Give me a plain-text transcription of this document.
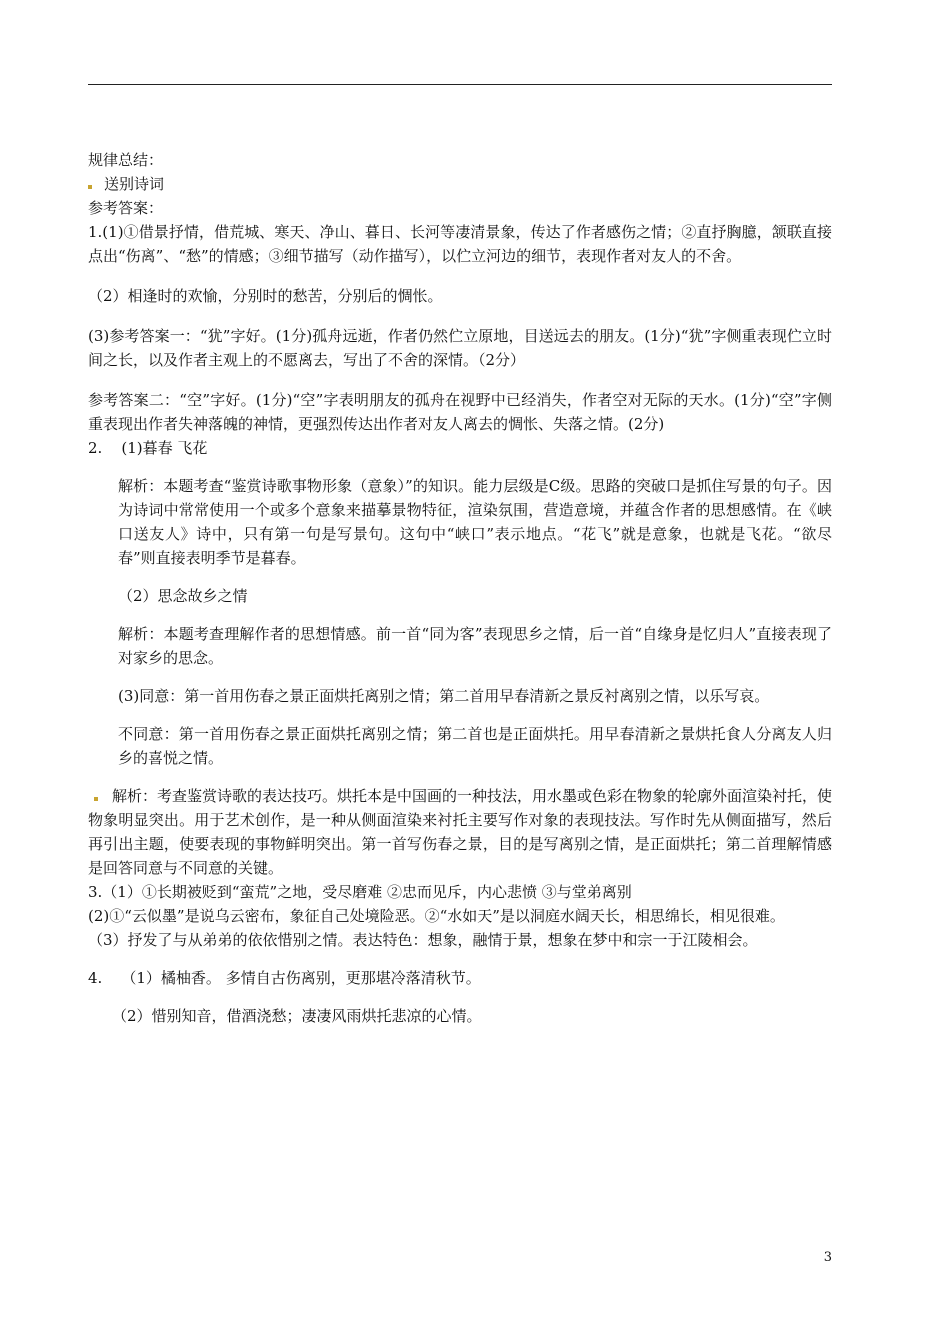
规律总结：
送别诗词
参考答案：
1.(1)①借景抒情，借荒城、寒天、净山、暮日、长河等凄清景象，传达了作者感伤之情；②直抒胸臆，颔联直接点出“伤离”、“愁”的情感；③细节描写（动作描写），以伫立河边的细节，表现作者对友人的不舍。
（2）相逢时的欢愉，分别时的愁苦，分别后的惆怅。
(3)参考答案一：“犹”字好。(1分)孤舟远逝，作者仍然伫立原地，目送远去的朋友。(1分)“犹”字侧重表现伫立时间之长，以及作者主观上的不愿离去，写出了不舍的深情。（2分）
参考答案二：“空”字好。(1分)“空”字表明朋友的孤舟在视野中已经消失，作者空对无际的天水。(1分)“空”字侧重表现出作者失神落魄的神情，更强烈传达出作者对友人离去的惆怅、失落之情。(2分)
2.    (1)暮春 飞花
解析：本题考查“鉴赏诗歌事物形象（意象）”的知识。能力层级是C级。思路的突破口是抓住写景的句子。因为诗词中常常使用一个或多个意象来描摹景物特征，渲染氛围，营造意境，并蕴含作者的思想感情。在《峡口送友人》诗中，只有第一句是写景句。这句中“峡口”表示地点。“花飞”就是意象，也就是飞花。“欲尽春”则直接表明季节是暮春。
（2）思念故乡之情
解析：本题考查理解作者的思想情感。前一首“同为客”表现思乡之情，后一首“自缘身是忆归人”直接表现了对家乡的思念。
(3)同意：第一首用伤春之景正面烘托离别之情；第二首用早春清新之景反衬离别之情，以乐写哀。
不同意：第一首用伤春之景正面烘托离别之情；第二首也是正面烘托。用早春清新之景烘托食人分离友人归乡的喜悦之情。
解析：考查鉴赏诗歌的表达技巧。烘托本是中国画的一种技法，用水墨或色彩在物象的轮廓外面渲染衬托，使物象明显突出。用于艺术创作，是一种从侧面渲染来衬托主要写作对象的表现技法。写作时先从侧面描写，然后再引出主题，使要表现的事物鲜明突出。第一首写伤春之景，目的是写离别之情，是正面烘托；第二首理解情感是回答同意与不同意的关键。
3.（1）①长期被贬到“蛮荒”之地，受尽磨难 ②忠而见斥，内心悲愤 ③与堂弟离别
(2)①“云似墨”是说乌云密布，象征自己处境险恶。②“水如天”是以洞庭水阔天长，相思绵长，相见很难。
（3）抒发了与从弟弟的依依惜别之情。表达特色：想象，融情于景，想象在梦中和宗一于江陵相会。
4.    （1）橘柚香。 多情自古伤离别，更那堪冷落清秋节。
（2）惜别知音，借酒浇愁；凄凄风雨烘托悲凉的心情。
3
